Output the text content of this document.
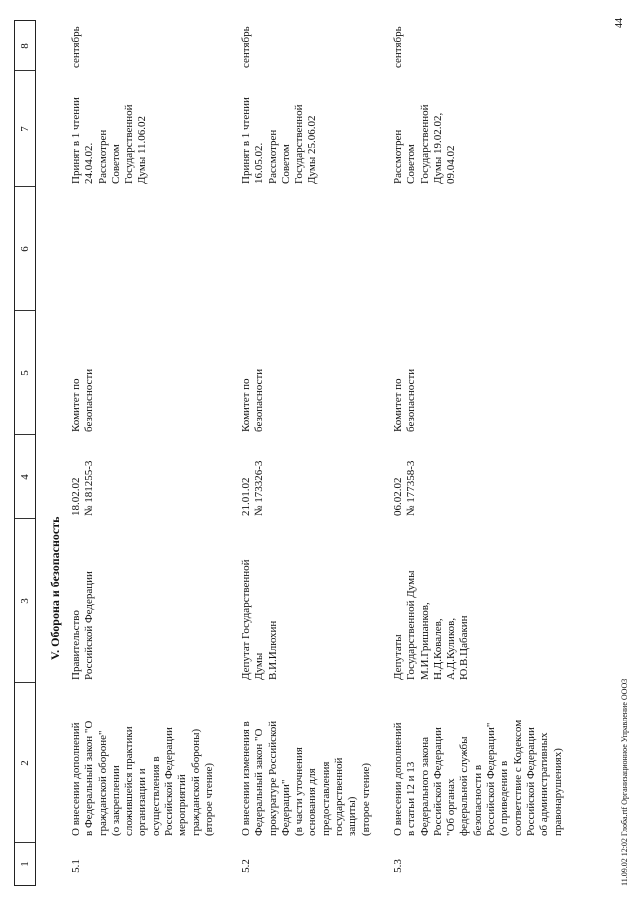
1
2
3
4
5
6
7
8
V. Оборона и безопасность
5.1
О внесении дополнений
в Федеральный закон "О
гражданской обороне"
(о закреплении
сложившейся практики
организации и
осуществления в
Российской Федерации
мероприятий
гражданской обороны)
(второе чтение)
Правительство
Российской Федерации
18.02.02
№ 181255-3
Комитет по
безопасности
Принят в 1 чтении
24.04.02.
Рассмотрен
Советом
Государственной
Думы 11.06.02
сентябрь
5.2
О внесении изменения в
Федеральный закон "О
прокуратуре Российской
Федерации"
(в части уточнения
основания для
предоставления
государственной
защиты)
(второе чтение)
Депутат Государственной
Думы
В.И.Илюхин
21.01.02
№ 173326-3
Комитет по
безопасности
Принят в 1 чтении
16.05.02.
Рассмотрен
Советом
Государственной
Думы 25.06.02
сентябрь
5.3
О внесении дополнений
в статьи 12 и 13
Федерального закона
Российской Федерации
"Об органах
федеральной службы
безопасности в
Российской Федерации"
(о приведении в
соответствие с Кодексом
Российской Федерации
об административных
правонарушениях)
Депутаты
Государственной Думы
М.И.Гришанков,
Н.Д.Ковалев,
А.Д.Куликов,
Ю.В.Цабакин
06.02.02
№ 177358-3
Комитет по
безопасности
Рассмотрен
Советом
Государственной
Думы 19.02.02,
09.04.02
сентябрь
11.09.02 12:02 Глоба.rtf Организационное Управление ООО3
44
